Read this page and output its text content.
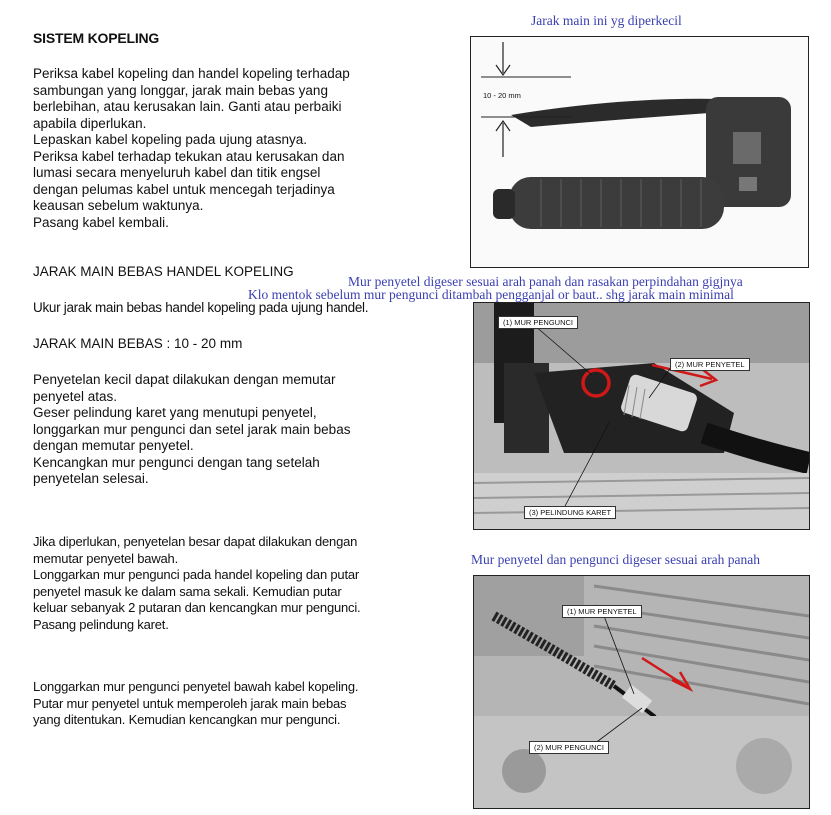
SISTEM KOPELING
Periksa kabel kopeling dan handel kopeling terhadap
sambungan yang longgar, jarak main bebas yang
berlebihan, atau kerusakan lain. Ganti atau perbaiki
apabila diperlukan.
Lepaskan kabel kopeling pada ujung atasnya.
Periksa kabel terhadap tekukan atau kerusakan dan
lumasi secara menyeluruh kabel dan titik engsel
dengan pelumas kabel untuk mencegah terjadinya
keausan sebelum waktunya.
Pasang kabel kembali.
JARAK MAIN BEBAS HANDEL KOPELING
Ukur jarak main bebas handel kopeling pada ujung handel.
JARAK MAIN BEBAS : 10 - 20 mm
Penyetelan kecil dapat dilakukan dengan memutar
penyetel atas.
Geser pelindung karet yang menutupi penyetel,
longgarkan mur pengunci dan setel jarak main bebas
dengan memutar penyetel.
Kencangkan mur pengunci dengan tang setelah
penyetelan selesai.
Jika diperlukan, penyetelan besar dapat dilakukan dengan
memutar penyetel bawah.
Longgarkan mur pengunci pada handel kopeling dan putar
penyetel masuk ke dalam sama sekali. Kemudian putar
keluar sebanyak 2 putaran dan kencangkan mur pengunci.
Pasang pelindung karet.
Longgarkan mur pengunci penyetel bawah kabel kopeling.
Putar mur penyetel untuk memperoleh jarak main bebas
yang ditentukan. Kemudian kencangkan mur pengunci.
Jarak main ini yg diperkecil
Mur penyetel digeser sesuai arah panah dan rasakan perpindahan gigjnya
Klo mentok sebelum mur pengunci ditambah pengganjal or baut.. shg jarak main minimal
Mur penyetel dan pengunci digeser sesuai arah panah
10 - 20 mm
(1) MUR PENGUNCI
(2) MUR PENYETEL
(3) PELINDUNG KARET
(1) MUR PENYETEL
(2) MUR PENGUNCI
